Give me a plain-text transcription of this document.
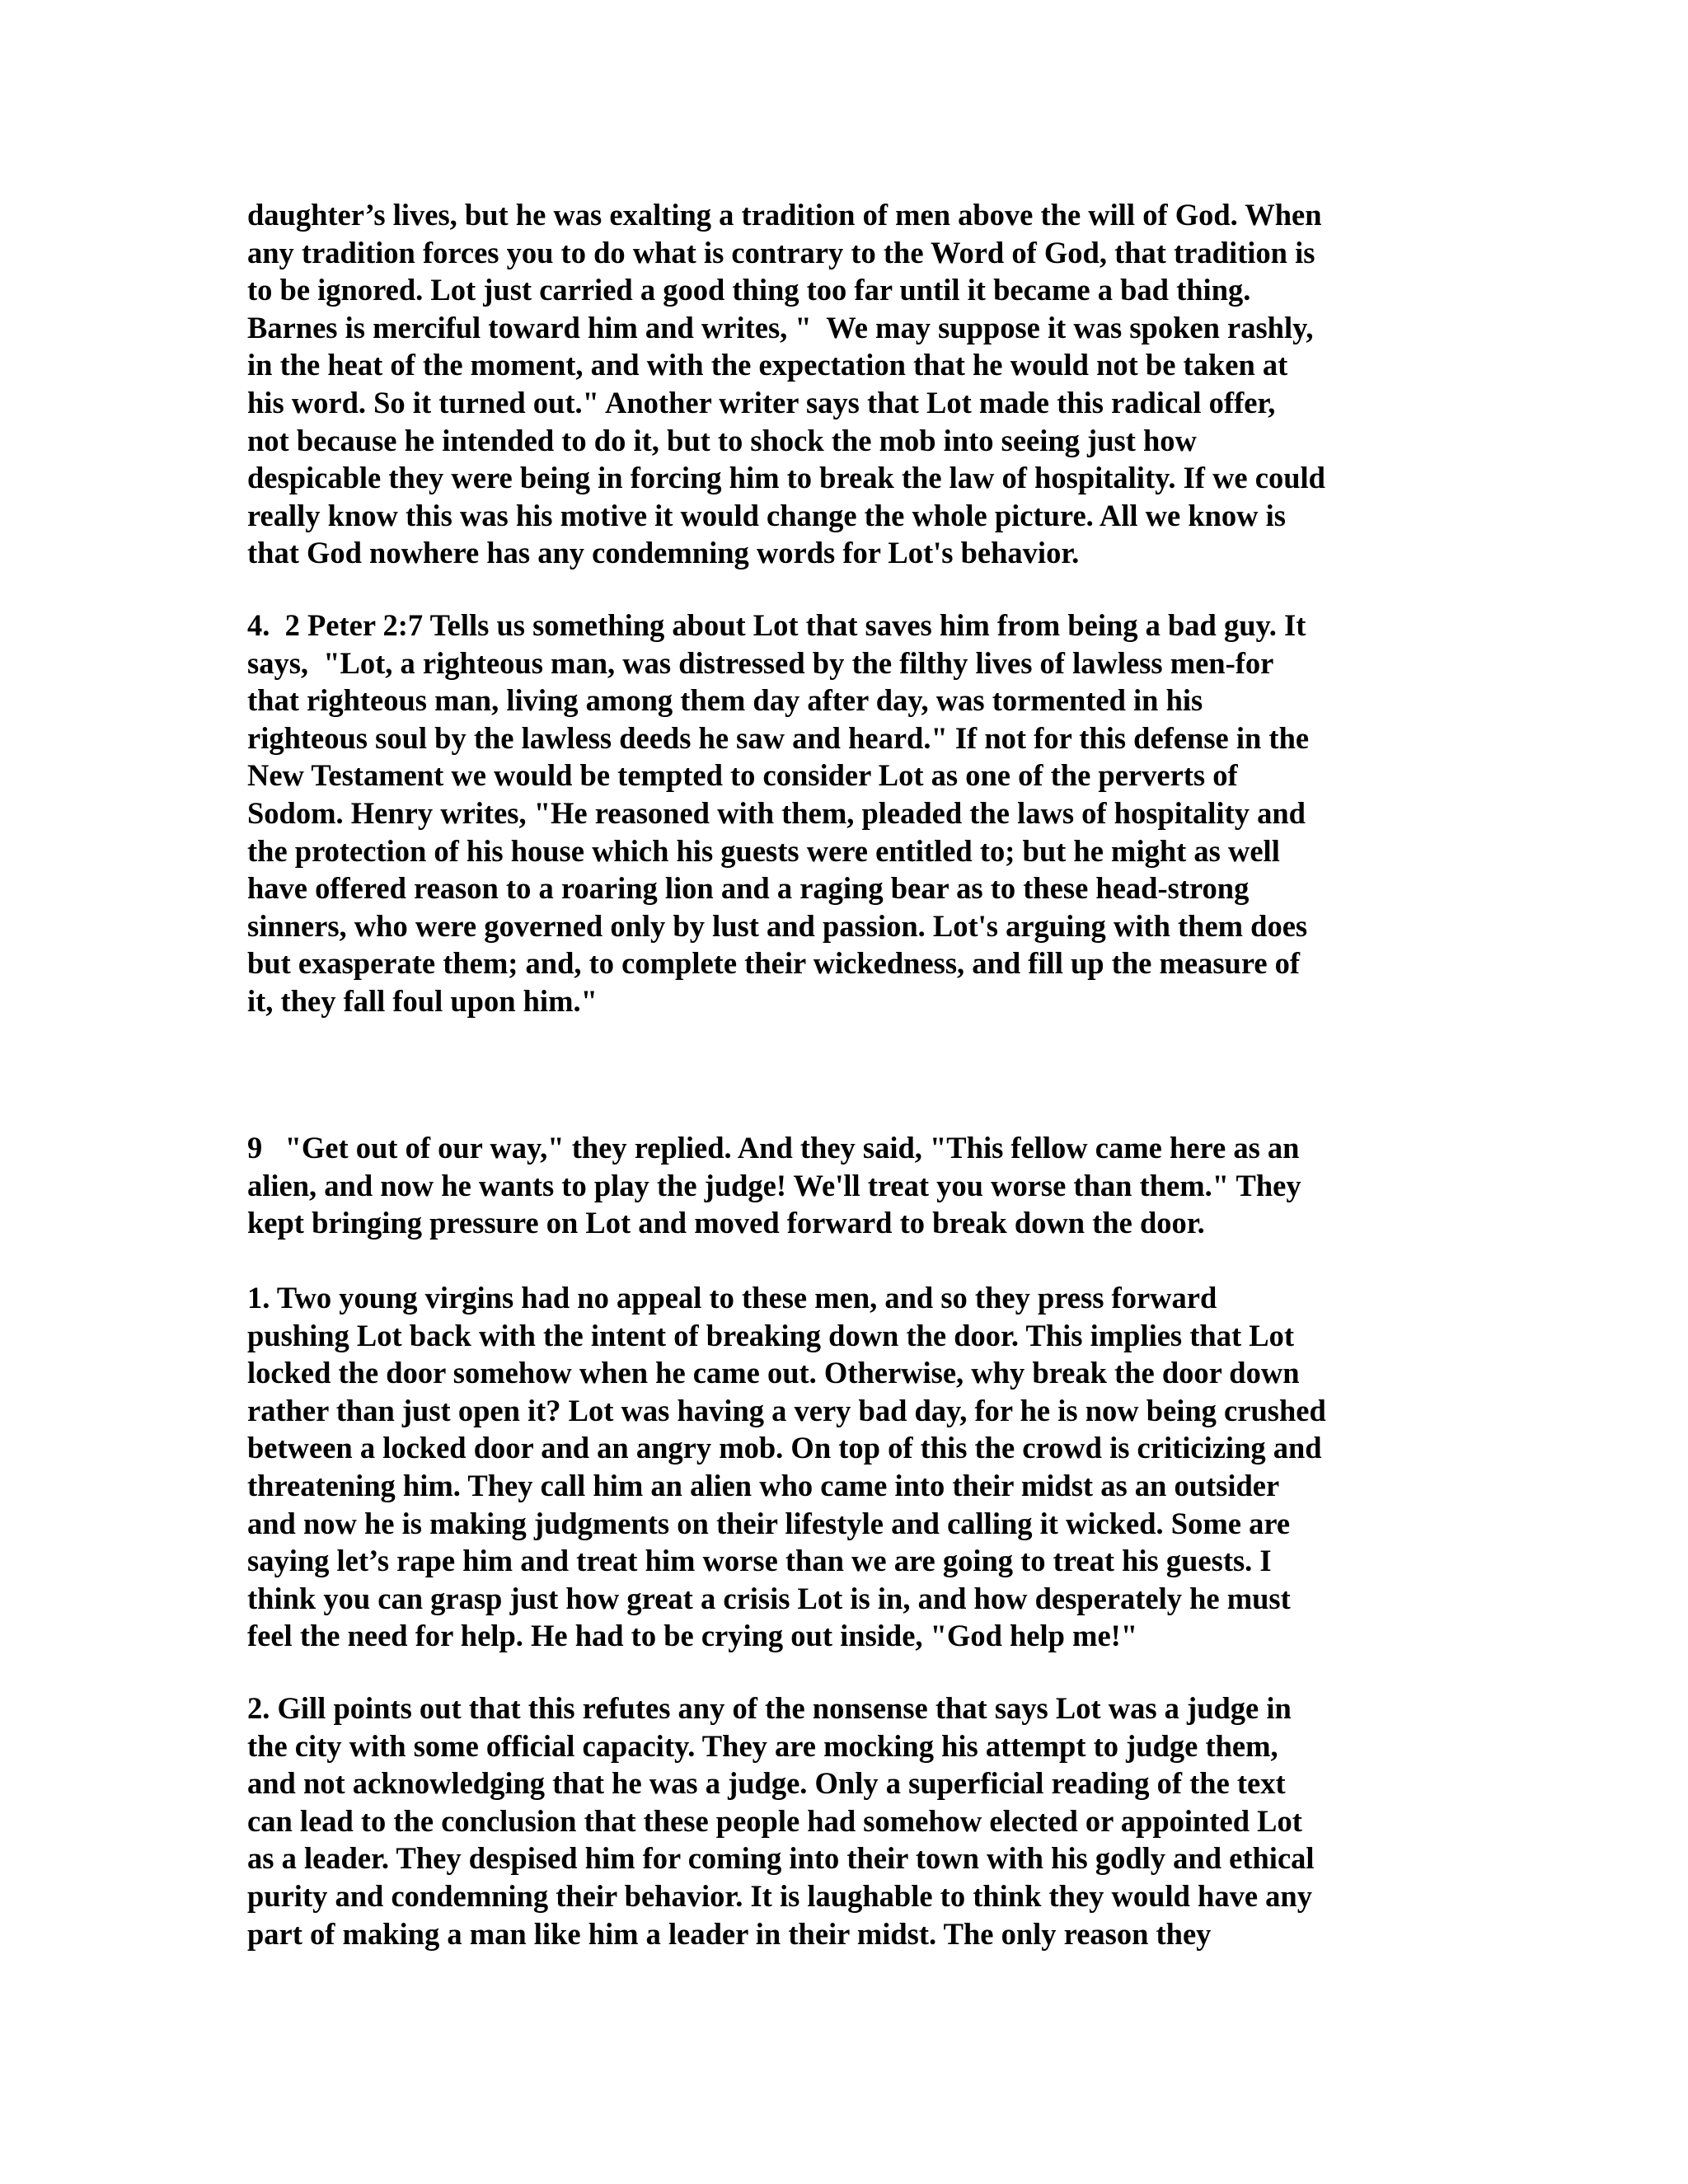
daughter’s lives, but he was exalting a tradition of men above the will of God. When
any tradition forces you to do what is contrary to the Word of God, that tradition is
to be ignored. Lot just carried a good thing too far until it became a bad thing.
Barnes is merciful toward him and writes, "  We may suppose it was spoken rashly,
in the heat of the moment, and with the expectation that he would not be taken at
his word. So it turned out." Another writer says that Lot made this radical offer,
not because he intended to do it, but to shock the mob into seeing just how
despicable they were being in forcing him to break the law of hospitality. If we could
really know this was his motive it would change the whole picture. All we know is
that God nowhere has any condemning words for Lot's behavior.
4.  2 Peter 2:7 Tells us something about Lot that saves him from being a bad guy. It
says,  "Lot, a righteous man, was distressed by the filthy lives of lawless men-for
that righteous man, living among them day after day, was tormented in his
righteous soul by the lawless deeds he saw and heard." If not for this defense in the
New Testament we would be tempted to consider Lot as one of the perverts of
Sodom. Henry writes, "He reasoned with them, pleaded the laws of hospitality and
the protection of his house which his guests were entitled to; but he might as well
have offered reason to a roaring lion and a raging bear as to these head-strong
sinners, who were governed only by lust and passion. Lot's arguing with them does
but exasperate them; and, to complete their wickedness, and fill up the measure of
it, they fall foul upon him."
9   "Get out of our way," they replied. And they said, "This fellow came here as an
alien, and now he wants to play the judge! We'll treat you worse than them." They
kept bringing pressure on Lot and moved forward to break down the door.
1. Two young virgins had no appeal to these men, and so they press forward
pushing Lot back with the intent of breaking down the door. This implies that Lot
locked the door somehow when he came out. Otherwise, why break the door down
rather than just open it? Lot was having a very bad day, for he is now being crushed
between a locked door and an angry mob. On top of this the crowd is criticizing and
threatening him. They call him an alien who came into their midst as an outsider
and now he is making judgments on their lifestyle and calling it wicked. Some are
saying let’s rape him and treat him worse than we are going to treat his guests. I
think you can grasp just how great a crisis Lot is in, and how desperately he must
feel the need for help. He had to be crying out inside, "God help me!"
2. Gill points out that this refutes any of the nonsense that says Lot was a judge in
the city with some official capacity. They are mocking his attempt to judge them,
and not acknowledging that he was a judge. Only a superficial reading of the text
can lead to the conclusion that these people had somehow elected or appointed Lot
as a leader. They despised him for coming into their town with his godly and ethical
purity and condemning their behavior. It is laughable to think they would have any
part of making a man like him a leader in their midst. The only reason they
